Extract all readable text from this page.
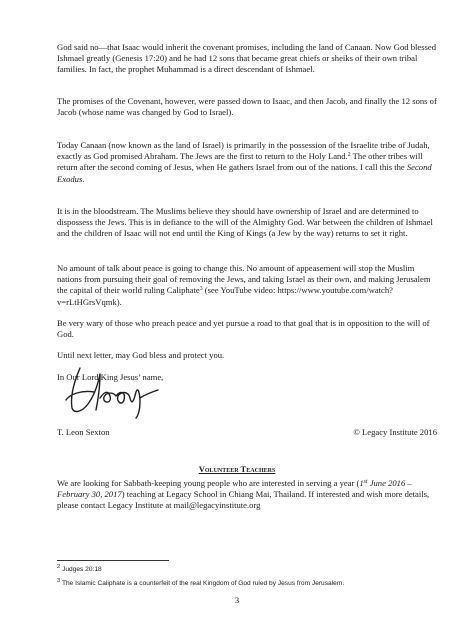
God said no—that Isaac would inherit the covenant promises, including the land of Canaan. Now God blessed Ishmael greatly (Genesis 17:20) and he had 12 sons that became great chiefs or sheiks of their own tribal families. In fact, the prophet Muhammad is a direct descendant of Ishmael.

The promises of the Covenant, however, were passed down to Isaac, and then Jacob, and finally the 12 sons of Jacob (whose name was changed by God to Israel).

Today Canaan (now known as the land of Israel) is primarily in the possession of the Israelite tribe of Judah, exactly as God promised Abraham. The Jews are the first to return to the Holy Land.$^2$ The other tribes will return after the second coming of Jesus, when He gathers Israel from out of the nations. I call this the Second Exodus.

It is in the bloodstream. The Muslims believe they should have ownership of Israel and are determined to dispossess the Jews. This is in defiance to the will of the Almighty God. War between the children of Ishmael and the children of Isaac will not end until the King of Kings (a Jew by the way) returns to set it right.

No amount of talk about peace is going to change this. No amount of appeasement will stop the Muslim nations from pursuing their goal of removing the Jews, and taking Israel as their own, and making Jerusalem the capital of their world ruling Caliphate$^3$ (see YouTube video: https://www.youtube.com/watch?v=rLtHGrsVqmk).

Be very wary of those who preach peace and yet pursue a road to that goal that is in opposition to the will of God.

Until next letter, may God bless and protect you.

In Our Lord King Jesus’ name,

T. Leon Sexton	© Legacy Institute 2016
Volunteer Teachers

We are looking for Sabbath-keeping young people who are interested in serving a year (1st June 2016 – February 30, 2017) teaching at Legacy School in Chiang Mai, Thailand. If interested and wish more details, please contact Legacy Institute at mail@legacyinstitute.org

$^2$ Judges 20:18
$^3$ The Islamic Caliphate is a counterfeit of the real Kingdom of God ruled by Jesus from Jerusalem.
3
